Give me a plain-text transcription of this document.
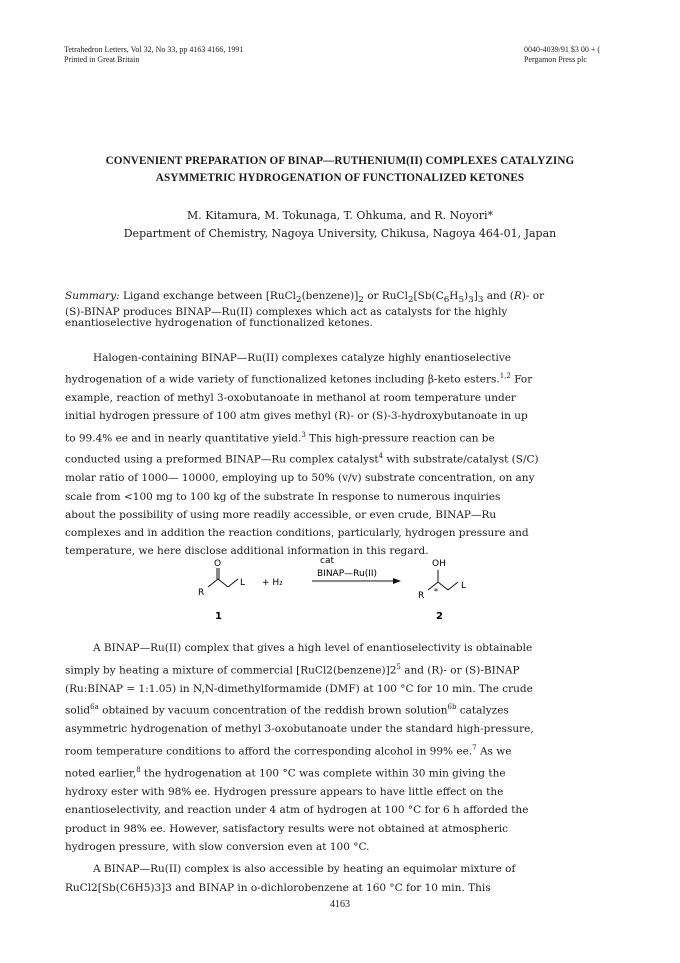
Tetrahedron Letters, Vol 32, No 33, pp 4163 4166, 1991
Printed in Great Britain
0040-4039/91 $3 00 + (
Pergamon Press plc
CONVENIENT PREPARATION OF BINAP—RUTHENIUM(II) COMPLEXES CATALYZING
ASYMMETRIC HYDROGENATION OF FUNCTIONALIZED KETONES
M. Kitamura, M. Tokunaga, T. Ohkuma, and R. Noyori*
Department of Chemistry, Nagoya University, Chikusa, Nagoya 464-01, Japan
Summary: Ligand exchange between $[RuCl_2(benzene)]_2$ or $RuCl_2[Sb(C_6H_5)_3]_3$ and (R)- or
(S)-BINAP produces BINAP—Ru(II) complexes which act as catalysts for the highly
enantioselective hydrogenation of functionalized ketones.
Halogen-containing BINAP—Ru(II) complexes catalyze highly enantioselective
hydrogenation of a wide variety of functionalized ketones including β-keto esters.$^{1,2}$ For
example, reaction of methyl 3-oxobutanoate in methanol at room temperature under
initial hydrogen pressure of 100 atm gives methyl (R)- or (S)-3-hydroxybutanoate in up
to 99.4% ee and in nearly quantitative yield.$^3$ This high-pressure reaction can be
conducted using a preformed BINAP—Ru complex catalyst$^4$ with substrate/catalyst (S/C)
molar ratio of 1000— 10000, employing up to 50% (v/v) substrate concentration, on any
scale from <100 mg to 100 kg of the substrate In response to numerous inquiries
about the possibility of using more readily accessible, or even crude, BINAP—Ru
complexes and in addition the reaction conditions, particularly, hydrogen pressure and
temperature, we here disclose additional information in this regard.
O
R
L + H₂
cat
BINAP—Ru(II)
OH
R *
L
1	2
A BINAP—Ru(II) complex that gives a high level of enantioselectivity is obtainable
simply by heating a mixture of commercial $[RuCl2(benzene)]2^5$ and (R)- or (S)-BINAP
(Ru:BINAP = 1:1.05) in N,N-dimethylformamide (DMF) at 100 °C for 10 min. The crude
solid$^{6a}$ obtained by vacuum concentration of the reddish brown solution$^{6b}$ catalyzes
asymmetric hydrogenation of methyl 3-oxobutanoate under the standard high-pressure,
room temperature conditions to afford the corresponding alcohol in 99% ee.$^7$ As we
noted earlier,$^8$ the hydrogenation at 100 °C was complete within 30 min giving the
hydroxy ester with 98% ee. Hydrogen pressure appears to have little effect on the
enantioselectivity, and reaction under 4 atm of hydrogen at 100 °C for 6 h afforded the
product in 98% ee. However, satisfactory results were not obtained at atmospheric
hydrogen pressure, with slow conversion even at 100 °C.
A BINAP—Ru(II) complex is also accessible by heating an equimolar mixture of
RuCl2[Sb(C6H5)3]3 and BINAP in o-dichlorobenzene at 160 °C for 10 min. This
4163
